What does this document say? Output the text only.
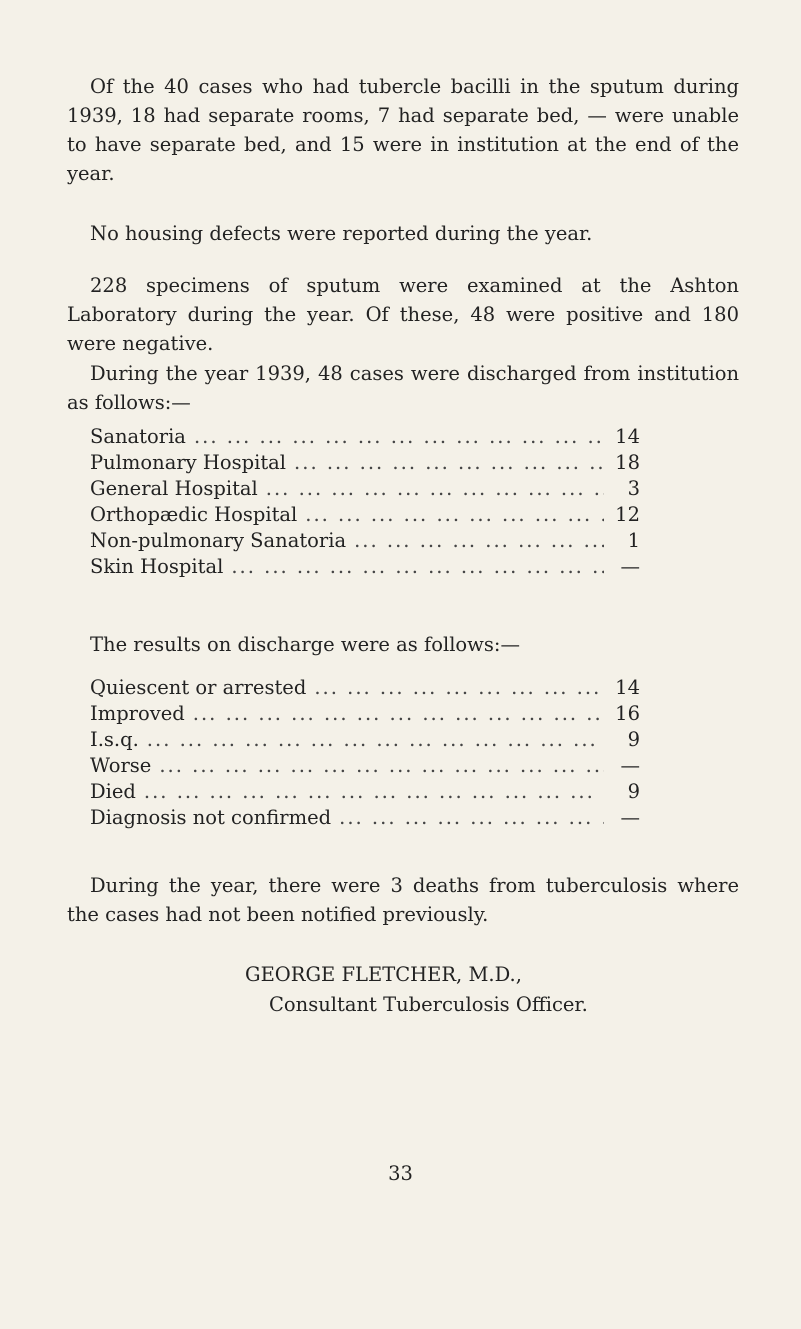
Of the 40 cases who had tubercle bacilli in the sputum during 1939, 18 had separate rooms, 7 had separate bed, — were unable to have separate bed, and 15 were in institution at the end of the year.

No housing defects were reported during the year.

228 specimens of sputum were examined at the Ashton Laboratory during the year. Of these, 48 were positive and 180 were negative.

During the year 1939, 48 cases were discharged from institution as follows:—

Sanatoria ... .	14
Pulmonary Hospital ... .	18
General Hospital ... .	3
Orthopædic Hospital ... .	12
Non-pulmonary Sanatoria ... .	1
Skin Hospital ... .	—

The results on discharge were as follows:—

Quiescent or arrested ... .	14
Improved ... .	16
I.s.q. ... .	9
Worse ... .	—
Died ... .	9
Diagnosis not confirmed ... .	—

During the year, there were 3 deaths from tuberculosis where the cases had not been notified previously.

GEORGE FLETCHER, M.D.,
Consultant Tuberculosis Officer.
33
